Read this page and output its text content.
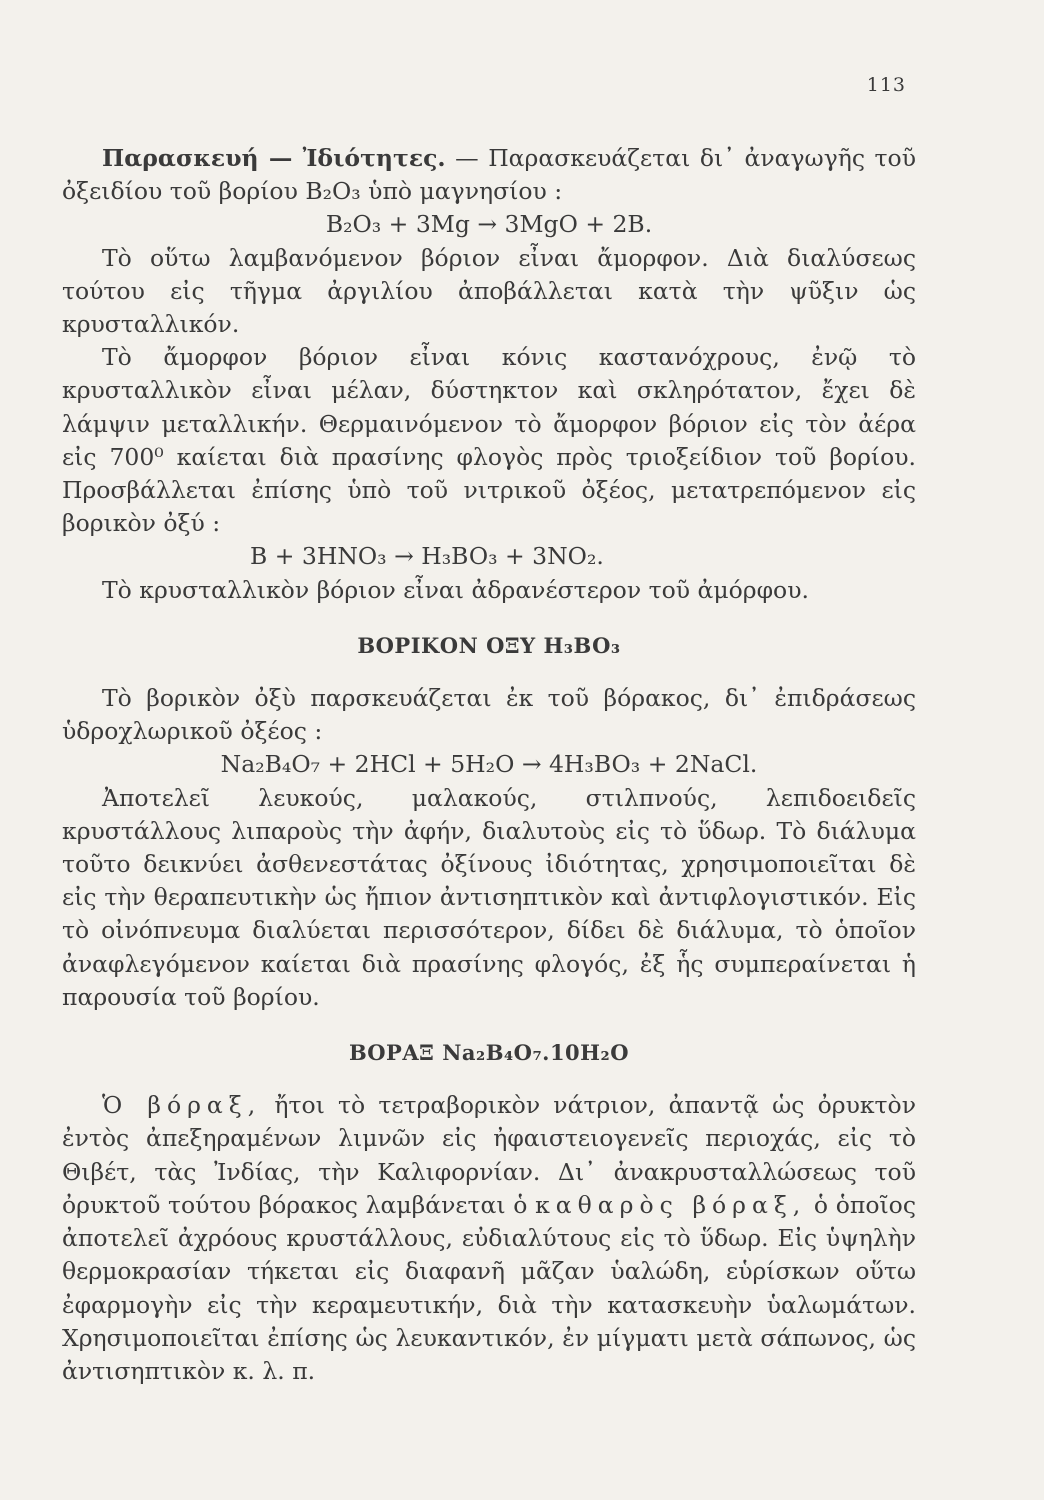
113

Παρασκευή — Ἰδιότητες. — Παρασκευάζεται δι᾽ ἀναγωγῆς τοῦ ὀξειδίου τοῦ βορίου B₂O₃ ὑπὸ μαγνησίου :

B₂O₃ + 3Mg → 3MgO + 2B.

Τὸ οὕτω λαμβανόμενον βόριον εἶναι ἄμορφον. Διὰ διαλύσεως τούτου εἰς τῆγμα ἀργιλίου ἀποβάλλεται κατὰ τὴν ψῦξιν ὡς κρυσταλλικόν.

Τὸ ἄμορφον βόριον εἶναι κόνις καστανόχρους, ἐνῷ τὸ κρυσταλλικὸν εἶναι μέλαν, δύστηκτον καὶ σκληρότατον, ἔχει δὲ λάμψιν μεταλλικήν. Θερμαινόμενον τὸ ἄμορφον βόριον εἰς τὸν ἀέρα εἰς 700⁰ καίεται διὰ πρασίνης φλογὸς πρὸς τριοξείδιον τοῦ βορίου. Προσβάλλεται ἐπίσης ὑπὸ τοῦ νιτρικοῦ ὀξέος, μετατρεπόμενον εἰς βορικὸν ὀξύ :

B + 3HNO₃ → H₃BO₃ + 3NO₂.

Τὸ κρυσταλλικὸν βόριον εἶναι ἀδρανέστερον τοῦ ἀμόρφου.

ΒΟΡΙΚΟΝ ΟΞΥ H₃BO₃

Τὸ βορικὸν ὀξὺ παρσκευάζεται ἐκ τοῦ βόρακος, δι᾽ ἐπιδράσεως ὑδροχλωρικοῦ ὀξέος :

Na₂B₄O₇ + 2HCl + 5H₂O → 4H₃BO₃ + 2NaCl.

Ἀποτελεῖ λευκούς, μαλακούς, στιλπνούς, λεπιδοειδεῖς κρυστάλλους λιπαροὺς τὴν ἀφήν, διαλυτοὺς εἰς τὸ ὕδωρ. Τὸ διάλυμα τοῦτο δεικνύει ἀσθενεστάτας ὀξίνους ἰδιότητας, χρησιμοποιεῖται δὲ εἰς τὴν θεραπευτικὴν ὡς ἤπιον ἀντισηπτικὸν καὶ ἀντιφλογιστικόν. Εἰς τὸ οἰνόπνευμα διαλύεται περισσότερον, δίδει δὲ διάλυμα, τὸ ὁποῖον ἀναφλεγόμενον καίεται διὰ πρασίνης φλογός, ἐξ ἧς συμπεραίνεται ἡ παρουσία τοῦ βορίου.

ΒΟΡΑΞ Na₂B₄O₇.10H₂O

Ὁ βόραξ, ἤτοι τὸ τετραβορικὸν νάτριον, ἀπαντᾷ ὡς ὀρυκτὸν ἐντὸς ἀπεξηραμένων λιμνῶν εἰς ἠφαιστειογενεῖς περιοχάς, εἰς τὸ Θιβέτ, τὰς Ἰνδίας, τὴν Καλιφορνίαν. Δι᾽ ἀνακρυσταλλώσεως τοῦ ὀρυκτοῦ τούτου βόρακος λαμβάνεται ὁ καθαρὸς βόραξ, ὁ ὁποῖος ἀποτελεῖ ἀχρόους κρυστάλλους, εὐδιαλύτους εἰς τὸ ὕδωρ. Εἰς ὑψηλὴν θερμοκρασίαν τήκεται εἰς διαφανῆ μᾶζαν ὑαλώδη, εὑρίσκων οὕτω ἐφαρμογὴν εἰς τὴν κεραμευτικήν, διὰ τὴν κατασκευὴν ὑαλωμάτων. Χρησιμοποιεῖται ἐπίσης ὡς λευκαντικόν, ἐν μίγματι μετὰ σάπωνος, ὡς ἀντισηπτικὸν κ. λ. π.
